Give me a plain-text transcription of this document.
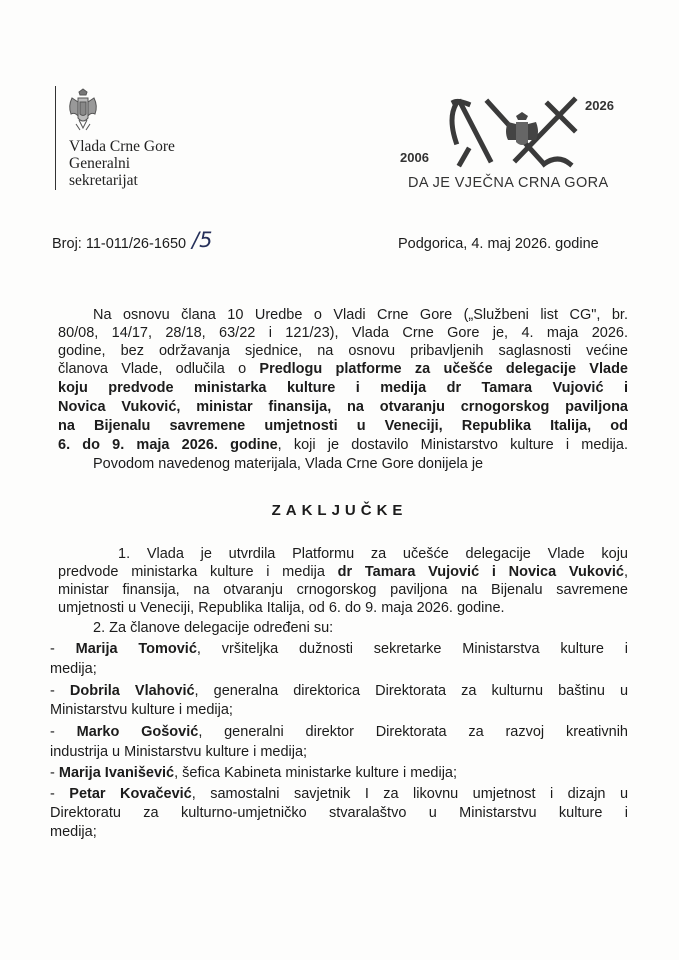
Vlada Crne Gore
Generalni
sekretarijat
2026
2006
DA JE VJEČNA CRNA GORA
Broj: 11-011/26-1650 /5	Podgorica, 4. maj 2026. godine
Na osnovu člana 10 Uredbe o Vladi Crne Gore („Službeni list CG", br.
80/08, 14/17, 28/18, 63/22 i 121/23), Vlada Crne Gore je, 4. maja 2026.
godine, bez održavanja sjednice, na osnovu pribavljenih saglasnosti većine
članova Vlade, odlučila o Predlogu platforme za učešće delegacije Vlade
koju predvode ministarka kulture i medija dr Tamara Vujović i
Novica Vuković, ministar finansija, na otvaranju crnogorskog paviljona
na Bijenalu savremene umjetnosti u Veneciji, Republika Italija, od
6. do 9. maja 2026. godine, koji je dostavilo Ministarstvo kulture i medija.
Povodom navedenog materijala, Vlada Crne Gore donijela je
ZAKLJUČKE
1. Vlada je utvrdila Platformu za učešće delegacije Vlade koju
predvode ministarka kulture i medija dr Tamara Vujović i Novica Vuković,
ministar finansija, na otvaranju crnogorskog paviljona na Bijenalu savremene
umjetnosti u Veneciji, Republika Italija, od 6. do 9. maja 2026. godine.
2. Za članove delegacije određeni su:
- Marija Tomović, vršiteljka dužnosti sekretarke Ministarstva kulture i
medija;
- Dobrila Vlahović, generalna direktorica Direktorata za kulturnu baštinu u
Ministarstvu kulture i medija;
- Marko Gošović, generalni direktor Direktorata za razvoj kreativnih
industrija u Ministarstvu kulture i medija;
- Marija Ivanišević, šefica Kabineta ministarke kulture i medija;
- Petar Kovačević, samostalni savjetnik I za likovnu umjetnost i dizajn u
Direktoratu za kulturno-umjetničko stvaralaštvo u Ministarstvu kulture i
medija;
